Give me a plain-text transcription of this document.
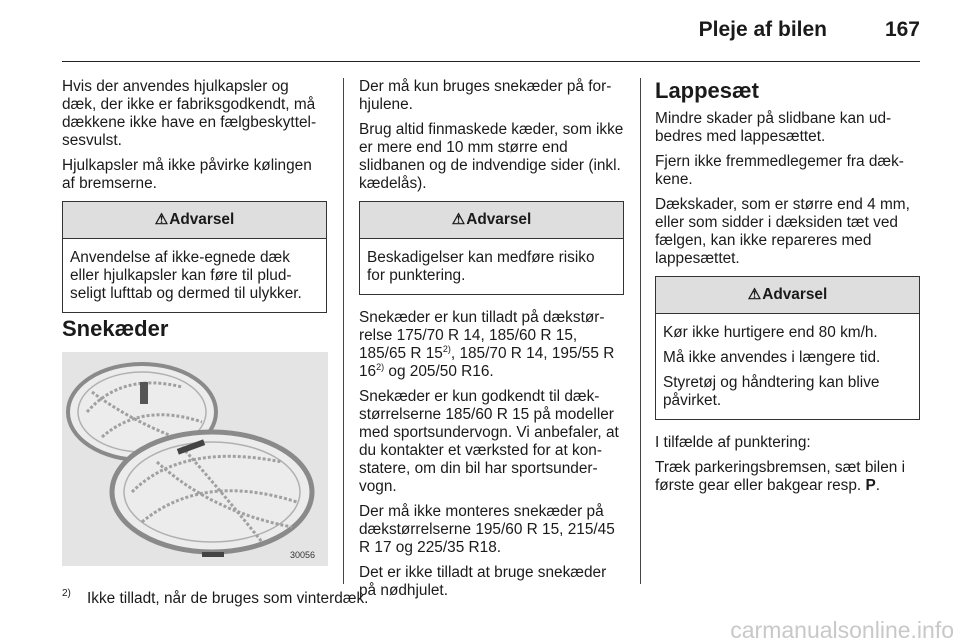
Pleje af bilen	167

Hvis der anvendes hjulkapsler og dæk, der ikke er fabriksgodkendt, må dækkene ikke have en fælgbeskyttel-sesvulst.

Hjulkapsler må ikke påvirke kølingen af bremserne.

⚠Advarsel

Anvendelse af ikke-egnede dæk eller hjulkapsler kan føre til plud-seligt lufttab og dermed til ulykker.

Snekæder
30056

Der må kun bruges snekæder på for-hjulene.

Brug altid finmaskede kæder, som ikke er mere end 10 mm større end slidbanen og de indvendige sider (inkl. kædelås).

⚠Advarsel

Beskadigelser kan medføre risiko for punktering.

Snekæder er kun tilladt på dækstør-relse 175/70 R 14, 185/60 R 15, 185/65 R 15$^{2)}$, 185/70 R 14, 195/55 R 16$^{2)}$ og 205/50 R16.

Snekæder er kun godkendt til dæk-størrelserne 185/60 R 15 på modeller med sportsundervogn. Vi anbefaler, at du kontakter et værksted for at kon-statere, om din bil har sportsunder-vogn.

Der må ikke monteres snekæder på dækstørrelserne 195/60 R 15, 215/45 R 17 og 225/35 R18.

Det er ikke tilladt at bruge snekæder på nødhjulet.

Lappesæt

Mindre skader på slidbane kan ud-bedres med lappesættet.

Fjern ikke fremmedlegemer fra dæk-kene.

Dækskader, som er større end 4 mm, eller som sidder i dæksiden tæt ved fælgen, kan ikke repareres med lappesættet.

⚠Advarsel

Kør ikke hurtigere end 80 km/h.

Må ikke anvendes i længere tid.

Styretøj og håndtering kan blive påvirket.

I tilfælde af punktering:

Træk parkeringsbremsen, sæt bilen i første gear eller bakgear resp. P.

2) Ikke tilladt, når de bruges som vinterdæk.
carmanualsonline.info
